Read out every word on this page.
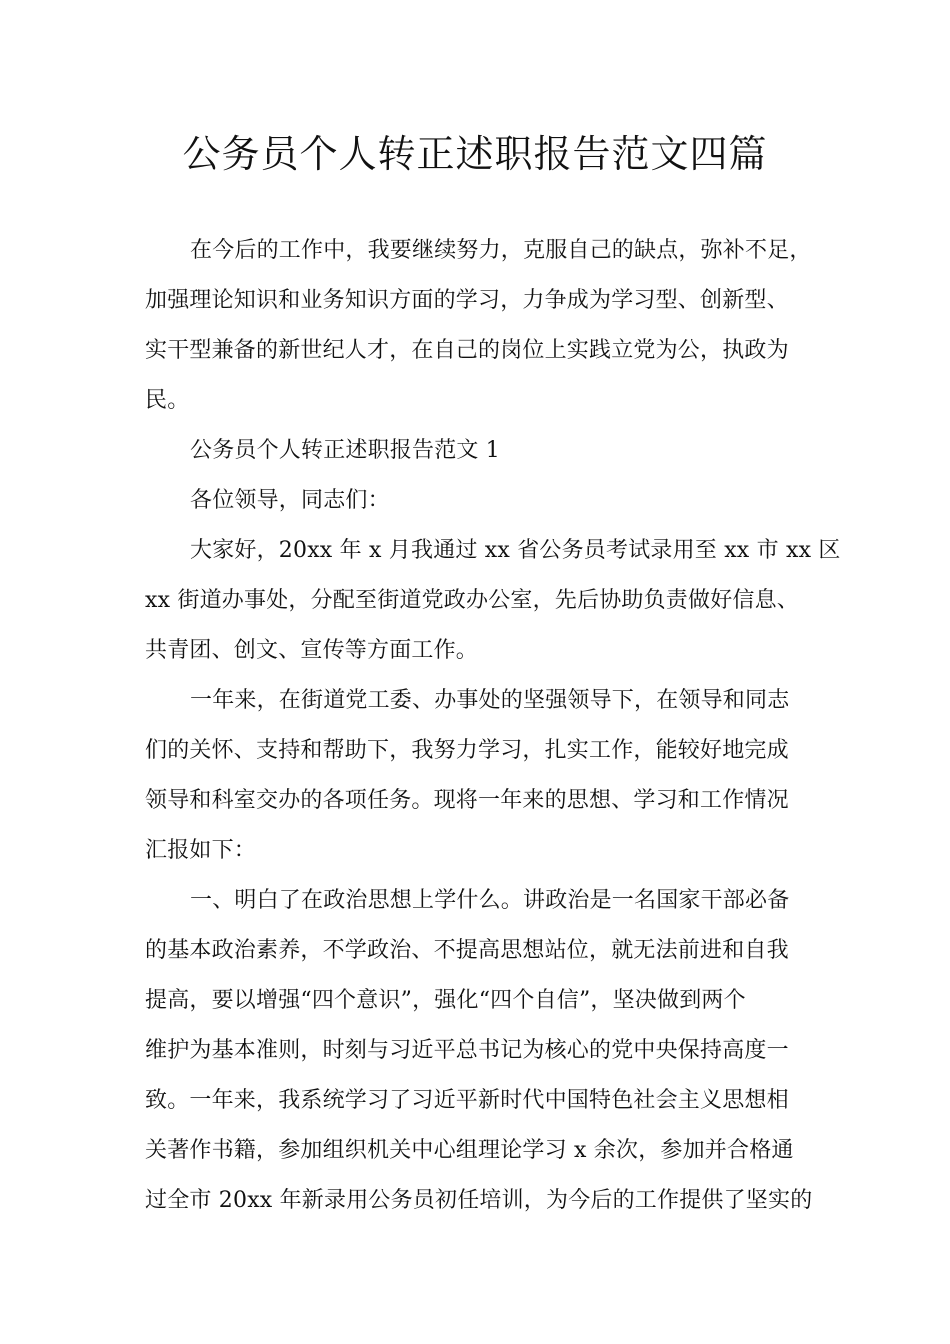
公务员个人转正述职报告范文四篇
在今后的工作中，我要继续努力，克服自己的缺点，弥补不足，
加强理论知识和业务知识方面的学习，力争成为学习型、创新型、
实干型兼备的新世纪人才，在自己的岗位上实践立党为公，执政为
民。
公务员个人转正述职报告范文 1
各位领导，同志们：
大家好，20xx 年 x 月我通过 xx 省公务员考试录用至 xx 市 xx 区
xx 街道办事处，分配至街道党政办公室，先后协助负责做好信息、
共青团、创文、宣传等方面工作。
一年来，在街道党工委、办事处的坚强领导下，在领导和同志
们的关怀、支持和帮助下，我努力学习，扎实工作，能较好地完成
领导和科室交办的各项任务。现将一年来的思想、学习和工作情况
汇报如下：
一、明白了在政治思想上学什么。讲政治是一名国家干部必备
的基本政治素养，不学政治、不提高思想站位，就无法前进和自我
提高，要以增强“四个意识”，强化“四个自信”，坚决做到两个
维护为基本准则，时刻与习近平总书记为核心的党中央保持高度一
致。一年来，我系统学习了习近平新时代中国特色社会主义思想相
关著作书籍，参加组织机关中心组理论学习 x 余次，参加并合格通
过全市 20xx 年新录用公务员初任培训，为今后的工作提供了坚实的
